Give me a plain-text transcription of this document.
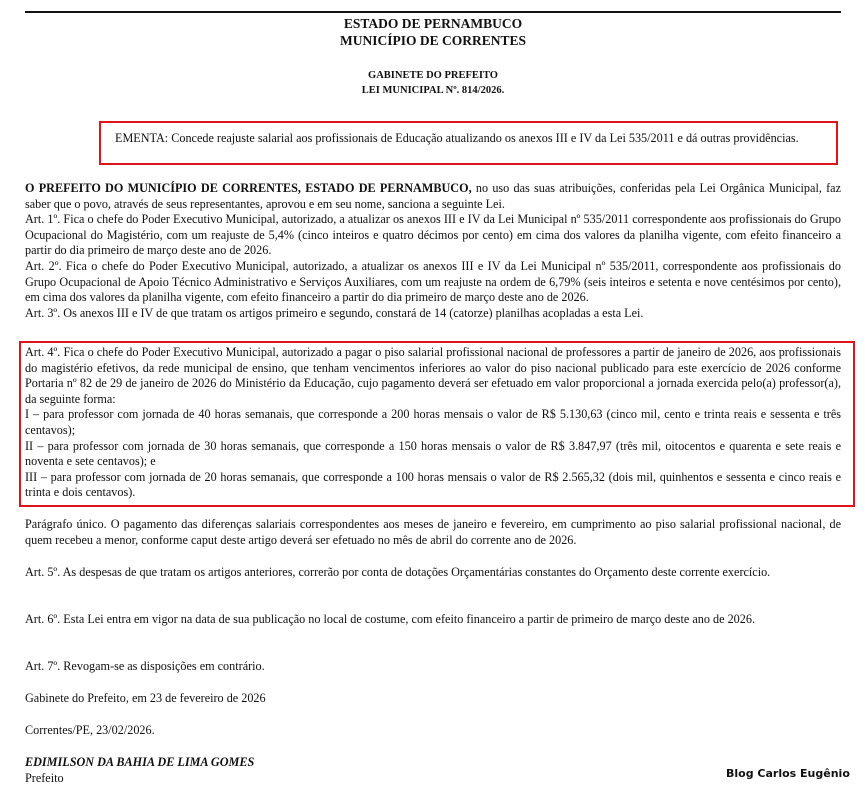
ESTADO DE PERNAMBUCO
MUNICÍPIO DE CORRENTES
GABINETE DO PREFEITO
LEI MUNICIPAL Nº. 814/2026.
EMENTA: Concede reajuste salarial aos profissionais de Educação atualizando os anexos III e IV da Lei 535/2011 e dá outras providências.

O PREFEITO DO MUNICÍPIO DE CORRENTES, ESTADO DE PERNAMBUCO, no uso das suas atribuições, conferidas pela Lei Orgânica Municipal, faz saber que o povo, através de seus representantes, aprovou e em seu nome, sanciona a seguinte Lei.

Art. 1º. Fica o chefe do Poder Executivo Municipal, autorizado, a atualizar os anexos III e IV da Lei Municipal nº 535/2011 correspondente aos profissionais do Grupo Ocupacional do Magistério, com um reajuste de 5,4% (cinco inteiros e quatro décimos por cento) em cima dos valores da planilha vigente, com efeito financeiro a partir do dia primeiro de março deste ano de 2026.

Art. 2º. Fica o chefe do Poder Executivo Municipal, autorizado, a atualizar os anexos III e IV da Lei Municipal nº 535/2011, correspondente aos profissionais do Grupo Ocupacional de Apoio Técnico Administrativo e Serviços Auxiliares, com um reajuste na ordem de 6,79% (seis inteiros e setenta e nove centésimos por cento), em cima dos valores da planilha vigente, com efeito financeiro a partir do dia primeiro de março deste ano de 2026.

Art. 3º. Os anexos III e IV de que tratam os artigos primeiro e segundo, constará de 14 (catorze) planilhas acopladas a esta Lei.

Art. 4º. Fica o chefe do Poder Executivo Municipal, autorizado a pagar o piso salarial profissional nacional de professores a partir de janeiro de 2026, aos profissionais do magistério efetivos, da rede municipal de ensino, que tenham vencimentos inferiores ao valor do piso nacional publicado para este exercício de 2026 conforme Portaria nº 82 de 29 de janeiro de 2026 do Ministério da Educação, cujo pagamento deverá ser efetuado em valor proporcional a jornada exercida pelo(a) professor(a), da seguinte forma:

I – para professor com jornada de 40 horas semanais, que corresponde a 200 horas mensais o valor de R$ 5.130,63 (cinco mil, cento e trinta reais e sessenta e três centavos);

II – para professor com jornada de 30 horas semanais, que corresponde a 150 horas mensais o valor de R$ 3.847,97 (três mil, oitocentos e quarenta e sete reais e noventa e sete centavos); e

III – para professor com jornada de 20 horas semanais, que corresponde a 100 horas mensais o valor de R$ 2.565,32 (dois mil, quinhentos e sessenta e cinco reais e trinta e dois centavos).

Parágrafo único. O pagamento das diferenças salariais correspondentes aos meses de janeiro e fevereiro, em cumprimento ao piso salarial profissional nacional, de quem recebeu a menor, conforme caput deste artigo deverá ser efetuado no mês de abril do corrente ano de 2026.

Art. 5º. As despesas de que tratam os artigos anteriores, correrão por conta de dotações Orçamentárias constantes do Orçamento deste corrente exercício.

Art. 6º. Esta Lei entra em vigor na data de sua publicação no local de costume, com efeito financeiro a partir de primeiro de março deste ano de 2026.

Art. 7º. Revogam-se as disposições em contrário.

Gabinete do Prefeito, em 23 de fevereiro de 2026

Correntes/PE, 23/02/2026.

EDIMILSON DA BAHIA DE LIMA GOMES
Prefeito	Blog Carlos Eugênio
